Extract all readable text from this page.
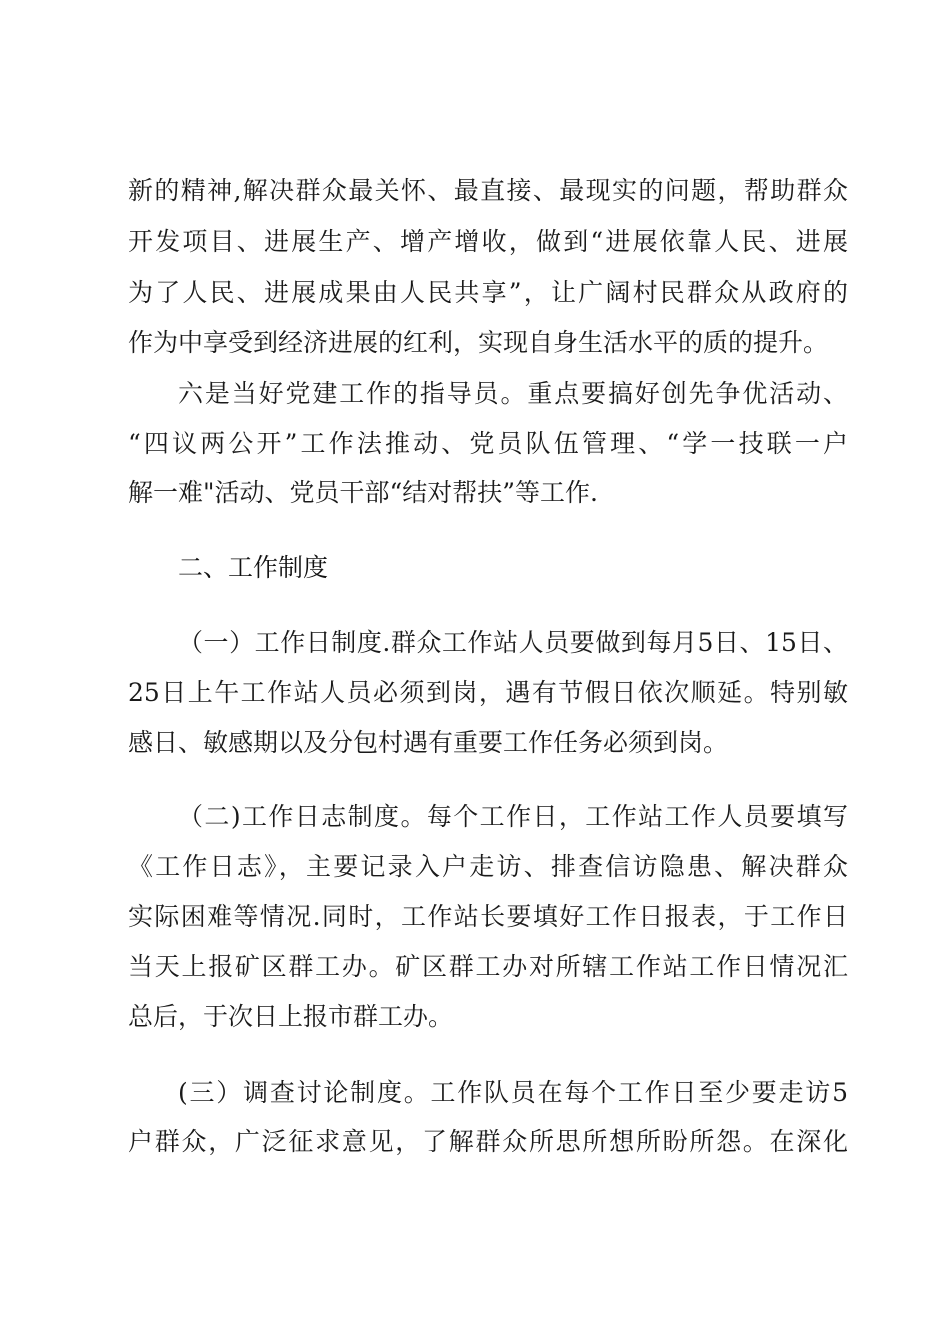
新的精神,解决群众最关怀、最直接、最现实的问题，帮助群众
开发项目、进展生产、增产增收，做到“进展依靠人民、进展
为了人民、进展成果由人民共享”，让广阔村民群众从政府的
作为中享受到经济进展的红利，实现自身生活水平的质的提升。
六是当好党建工作的指导员。重点要搞好创先争优活动、
“四议两公开”工作法推动、党员队伍管理、“学一技联一户
解一难"活动、党员干部“结对帮扶”等工作.
二、工作制度
（一）工作日制度.群众工作站人员要做到每月5日、15日、
25日上午工作站人员必须到岗，遇有节假日依次顺延。特别敏
感日、敏感期以及分包村遇有重要工作任务必须到岗。
（二)工作日志制度。每个工作日，工作站工作人员要填写
《工作日志》，主要记录入户走访、排查信访隐患、解决群众
实际困难等情况.同时，工作站长要填好工作日报表，于工作日
当天上报矿区群工办。矿区群工办对所辖工作站工作日情况汇
总后，于次日上报市群工办。
(三）调查讨论制度。工作队员在每个工作日至少要走访5
户群众，广泛征求意见，了解群众所思所想所盼所怨。在深化
